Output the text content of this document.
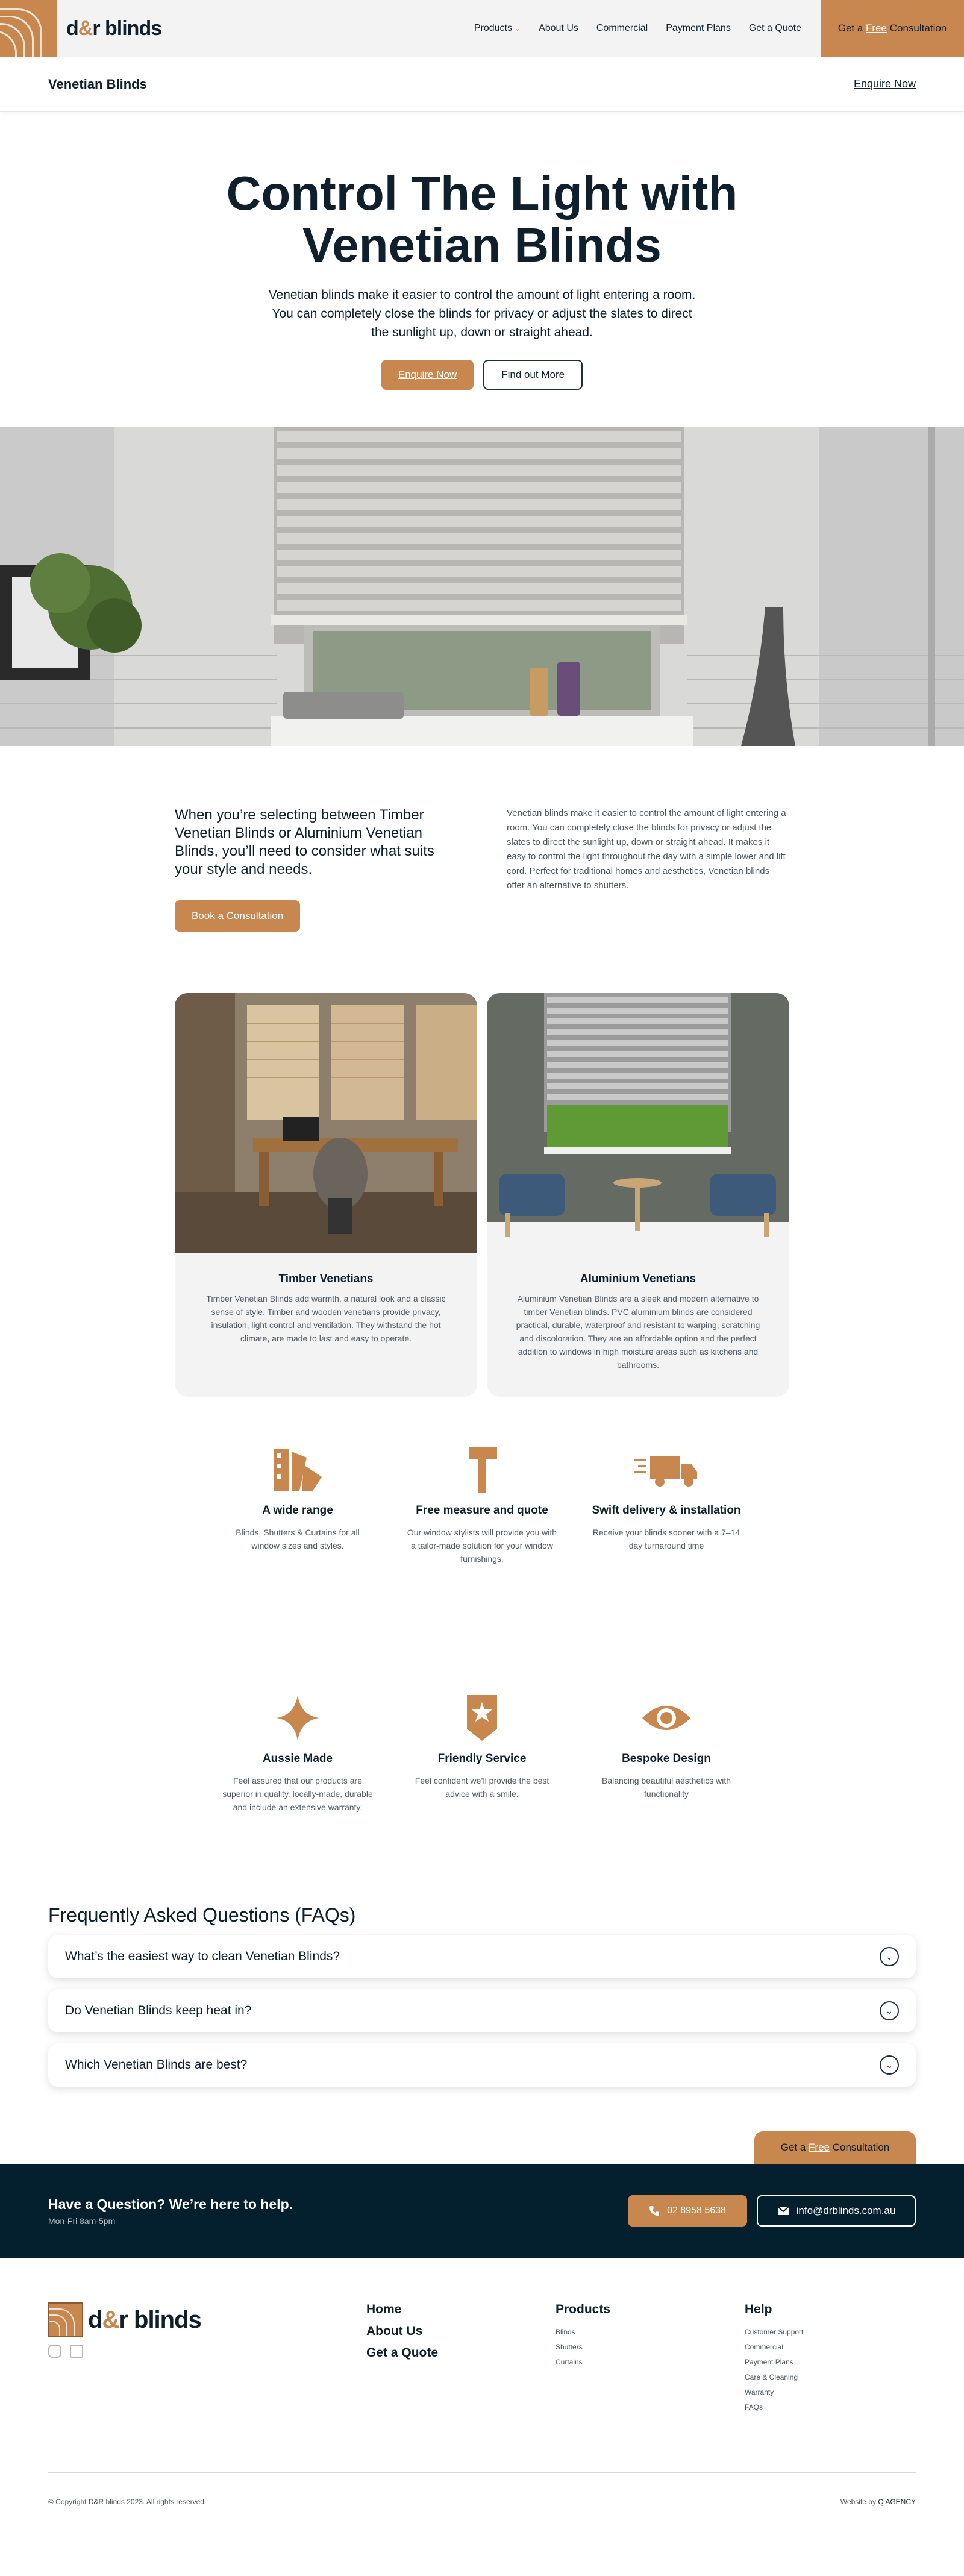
d&r blinds	Products ⌄ About Us Commercial Payment Plans Get a Quote	Get a
Free
Consultation
Venetian Blinds	Enquire Now
Control The Light with Venetian Blinds

Venetian blinds make it easier to control the amount of light entering a room. You can completely close the blinds for privacy or adjust the slates to direct the sunlight up, down or straight ahead.

Enquire Now	Find out More
When you’re selecting between Timber Venetian Blinds or Aluminium Venetian Blinds, you’ll need to consider what suits your style and needs.
Book a Consultation

Venetian blinds make it easier to control the amount of light entering a room. You can completely close the blinds for privacy or adjust the slates to direct the sunlight up, down or straight ahead. It makes it easy to control the light throughout the day with a simple lower and lift cord. Perfect for traditional homes and aesthetics, Venetian blinds offer an alternative to shutters.

Timber Venetians

Timber Venetian Blinds add warmth, a natural look and a classic sense of style. Timber and wooden venetians provide privacy, insulation, light control and ventilation. They withstand the hot climate, are made to last and easy to operate.

Aluminium Venetians

Aluminium Venetian Blinds are a sleek and modern alternative to timber Venetian blinds. PVC aluminium blinds are considered practical, durable, waterproof and resistant to warping, scratching and discoloration. They are an affordable option and the perfect addition to windows in high moisture areas such as kitchens and bathrooms.

A wide range

Blinds, Shutters & Curtains for all window sizes and styles.

Free measure and quote

Our window stylists will provide you with a tailor-made solution for your window furnishings.

Swift delivery & installation

Receive your blinds sooner with a 7–14 day turnaround time

Aussie Made

Feel assured that our products are superior in quality, locally-made, durable and include an extensive warranty.

Friendly Service

Feel confident we’ll provide the best advice with a smile.

Bespoke Design

Balancing beautiful aesthetics with functionality

Frequently Asked Questions (FAQs)
What’s the easiest way to clean Venetian Blinds?	⌄
Do Venetian Blinds keep heat in?	⌄
Which Venetian Blinds are best?	⌄
Get a
Free
Consultation
Have a Question? We’re here to help.
Mon-Fri 8am-5pm
02 8958 5638	info@drblinds.com.au
d&r blinds	Home
About Us
Get a Quote
Products
Blinds
Shutters
Curtains
Help
Customer Support
Commercial
Payment Plans
Care & Cleaning
Warranty
FAQs
© Copyright D&R blinds 2023. All rights reserved.	Website by Q AGENCY
